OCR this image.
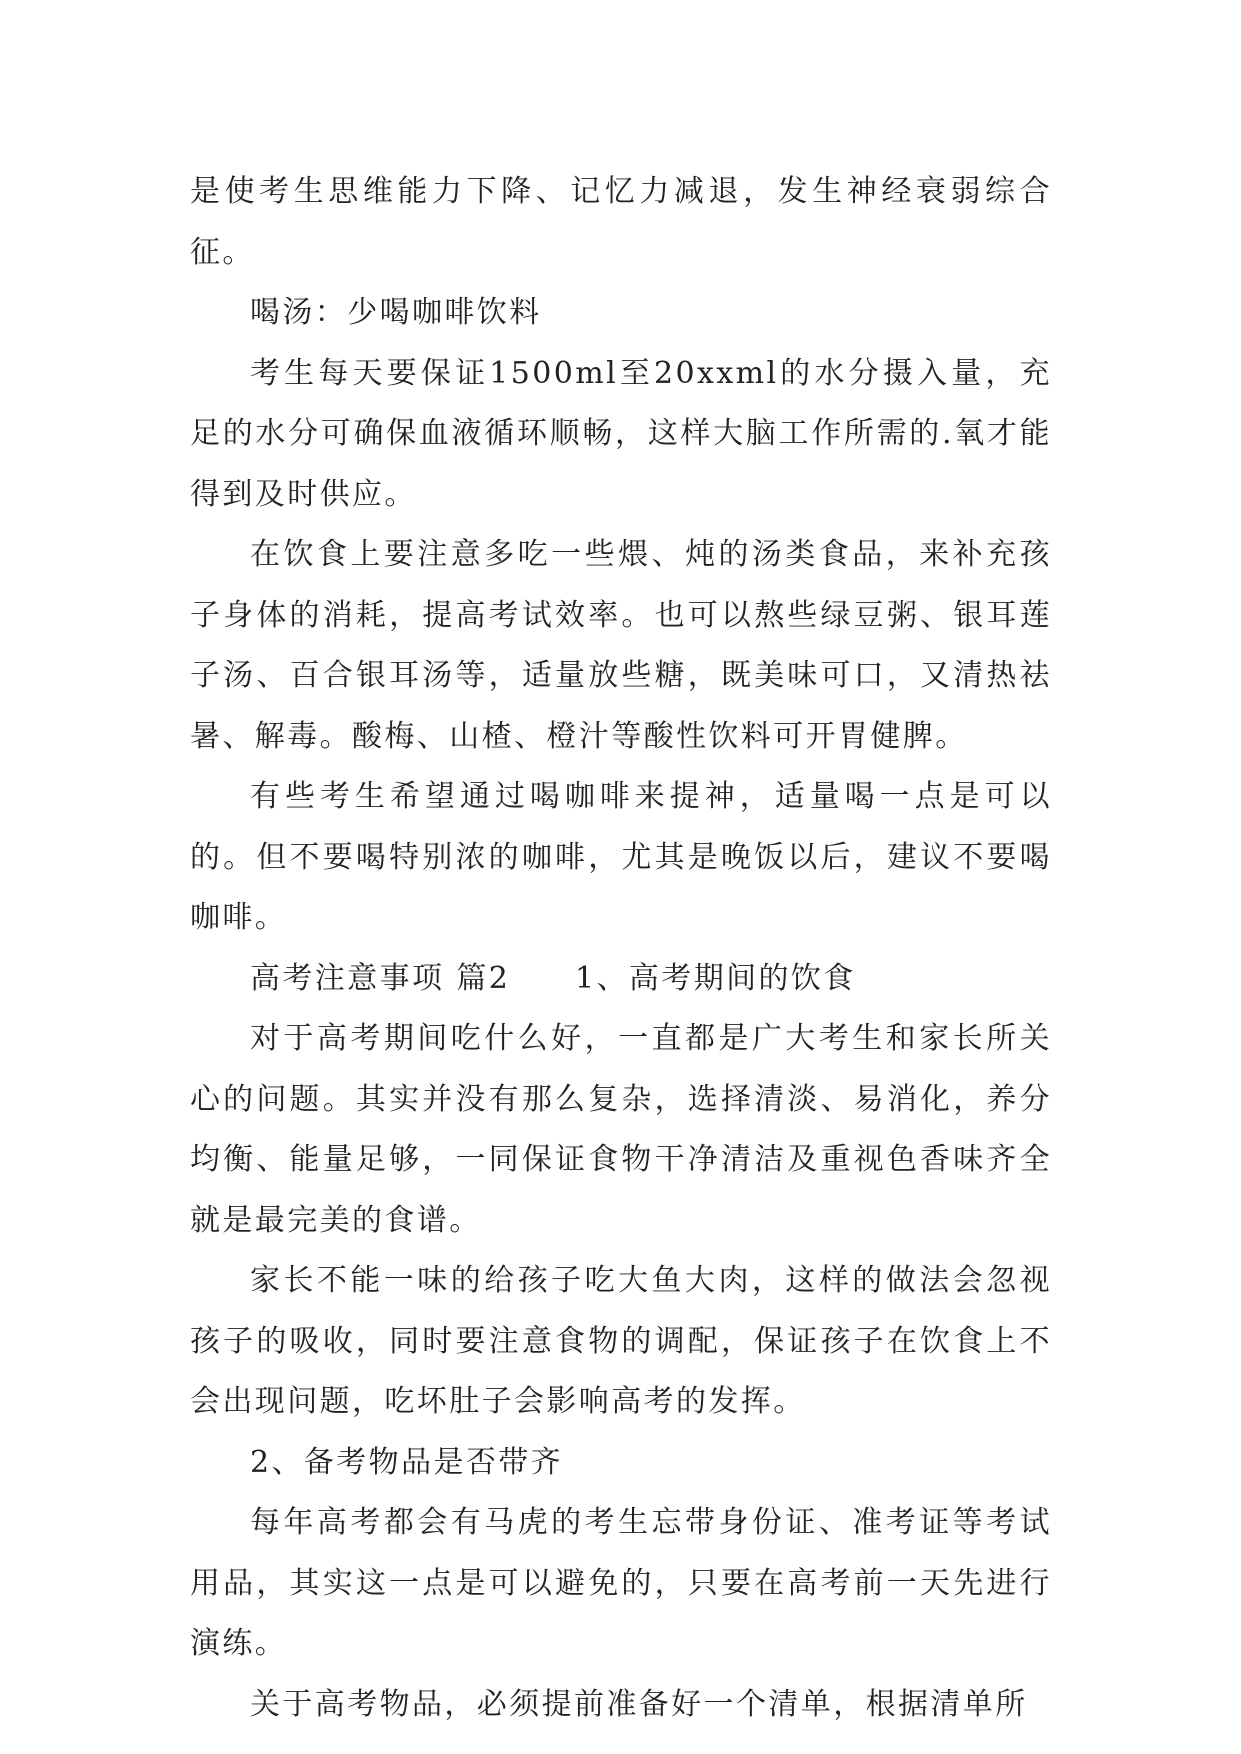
是使考生思维能力下降、记忆力减退，发生神经衰弱综合征。

喝汤：少喝咖啡饮料

考生每天要保证1500ml至20xxml的水分摄入量，充足的水分可确保血液循环顺畅，这样大脑工作所需的.氧才能得到及时供应。

在饮食上要注意多吃一些煨、炖的汤类食品，来补充孩子身体的消耗，提高考试效率。也可以熬些绿豆粥、银耳莲子汤、百合银耳汤等，适量放些糖，既美味可口，又清热祛暑、解毒。酸梅、山楂、橙汁等酸性饮料可开胃健脾。

有些考生希望通过喝咖啡来提神，适量喝一点是可以的。但不要喝特别浓的咖啡，尤其是晚饭以后，建议不要喝咖啡。

高考注意事项 篇2　　1、高考期间的饮食

对于高考期间吃什么好，一直都是广大考生和家长所关心的问题。其实并没有那么复杂，选择清淡、易消化，养分均衡、能量足够，一同保证食物干净清洁及重视色香味齐全就是最完美的食谱。

家长不能一味的给孩子吃大鱼大肉，这样的做法会忽视孩子的吸收，同时要注意食物的调配，保证孩子在饮食上不会出现问题，吃坏肚子会影响高考的发挥。

2、备考物品是否带齐

每年高考都会有马虎的考生忘带身份证、准考证等考试用品，其实这一点是可以避免的，只要在高考前一天先进行演练。

关于高考物品，必须提前准备好一个清单，根据清单所
